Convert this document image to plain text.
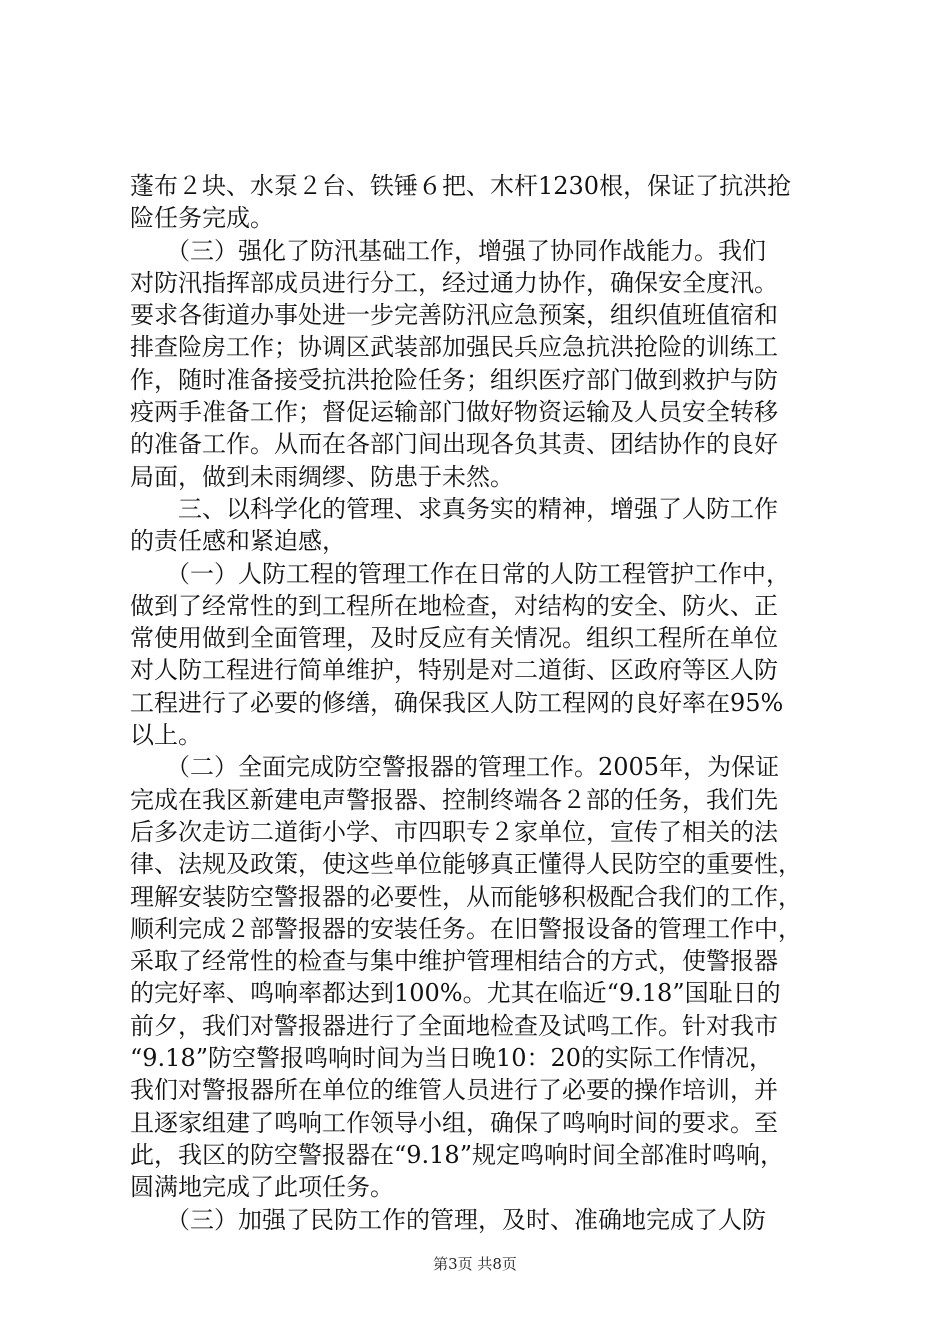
蓬布２块、水泵２台、铁锤６把、木杆1230根，保证了抗洪抢
险任务完成。
　　（三）强化了防汛基础工作，增强了协同作战能力。我们
对防汛指挥部成员进行分工，经过通力协作，确保安全度汛。
要求各街道办事处进一步完善防汛应急预案，组织值班值宿和
排查险房工作；协调区武装部加强民兵应急抗洪抢险的训练工
作，随时准备接受抗洪抢险任务；组织医疗部门做到救护与防
疫两手准备工作；督促运输部门做好物资运输及人员安全转移
的准备工作。从而在各部门间出现各负其责、团结协作的良好
局面，做到未雨绸缪、防患于未然。
　　三、以科学化的管理、求真务实的精神，增强了人防工作
的责任感和紧迫感，
　　（一）人防工程的管理工作在日常的人防工程管护工作中，
做到了经常性的到工程所在地检查，对结构的安全、防火、正
常使用做到全面管理，及时反应有关情况。组织工程所在单位
对人防工程进行简单维护，特别是对二道街、区政府等区人防
工程进行了必要的修缮，确保我区人防工程网的良好率在95%
以上。
　　（二）全面完成防空警报器的管理工作。2005年，为保证
完成在我区新建电声警报器、控制终端各２部的任务，我们先
后多次走访二道街小学、市四职专２家单位，宣传了相关的法
律、法规及政策，使这些单位能够真正懂得人民防空的重要性，
理解安装防空警报器的必要性，从而能够积极配合我们的工作，
顺利完成２部警报器的安装任务。在旧警报设备的管理工作中，
采取了经常性的检查与集中维护管理相结合的方式，使警报器
的完好率、鸣响率都达到100%。尤其在临近“9.18”国耻日的
前夕，我们对警报器进行了全面地检查及试鸣工作。针对我市
“9.18”防空警报鸣响时间为当日晚10：20的实际工作情况，
我们对警报器所在单位的维管人员进行了必要的操作培训，并
且逐家组建了鸣响工作领导小组，确保了鸣响时间的要求。至
此，我区的防空警报器在“9.18”规定鸣响时间全部准时鸣响，
圆满地完成了此项任务。
　　（三）加强了民防工作的管理，及时、准确地完成了人防
第3页 共8页
